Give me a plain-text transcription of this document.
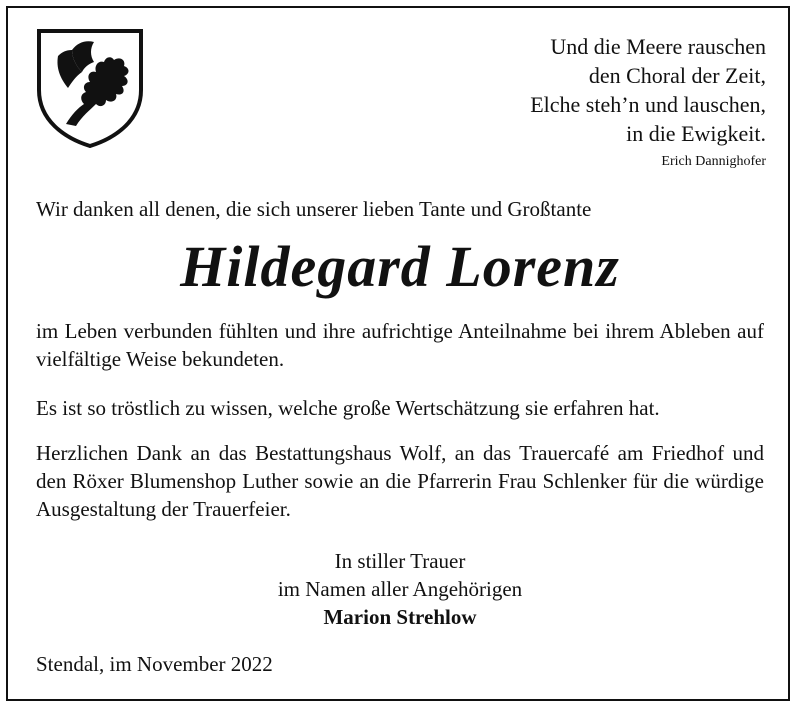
Und die Meere rauschen
den Choral der Zeit,
Elche steh’n und lauschen,
in die Ewigkeit.
Erich Dannighofer
Wir danken all denen, die sich unserer lieben Tante und Großtante
Hildegard Lorenz
im Leben verbunden fühlten und ihre aufrichtige Anteilnahme bei ihrem Ableben auf vielfältige Weise bekundeten.
Es ist so tröstlich zu wissen, welche große Wertschätzung sie erfahren hat.
Herzlichen Dank an das Bestattungshaus Wolf, an das Trauercafé am Friedhof und den Röxer Blumenshop Luther sowie an die Pfarrerin Frau Schlenker für die würdige Ausgestaltung der Trauerfeier.
In stiller Trauer
im Namen aller Angehörigen
Marion Strehlow
Stendal, im November 2022
